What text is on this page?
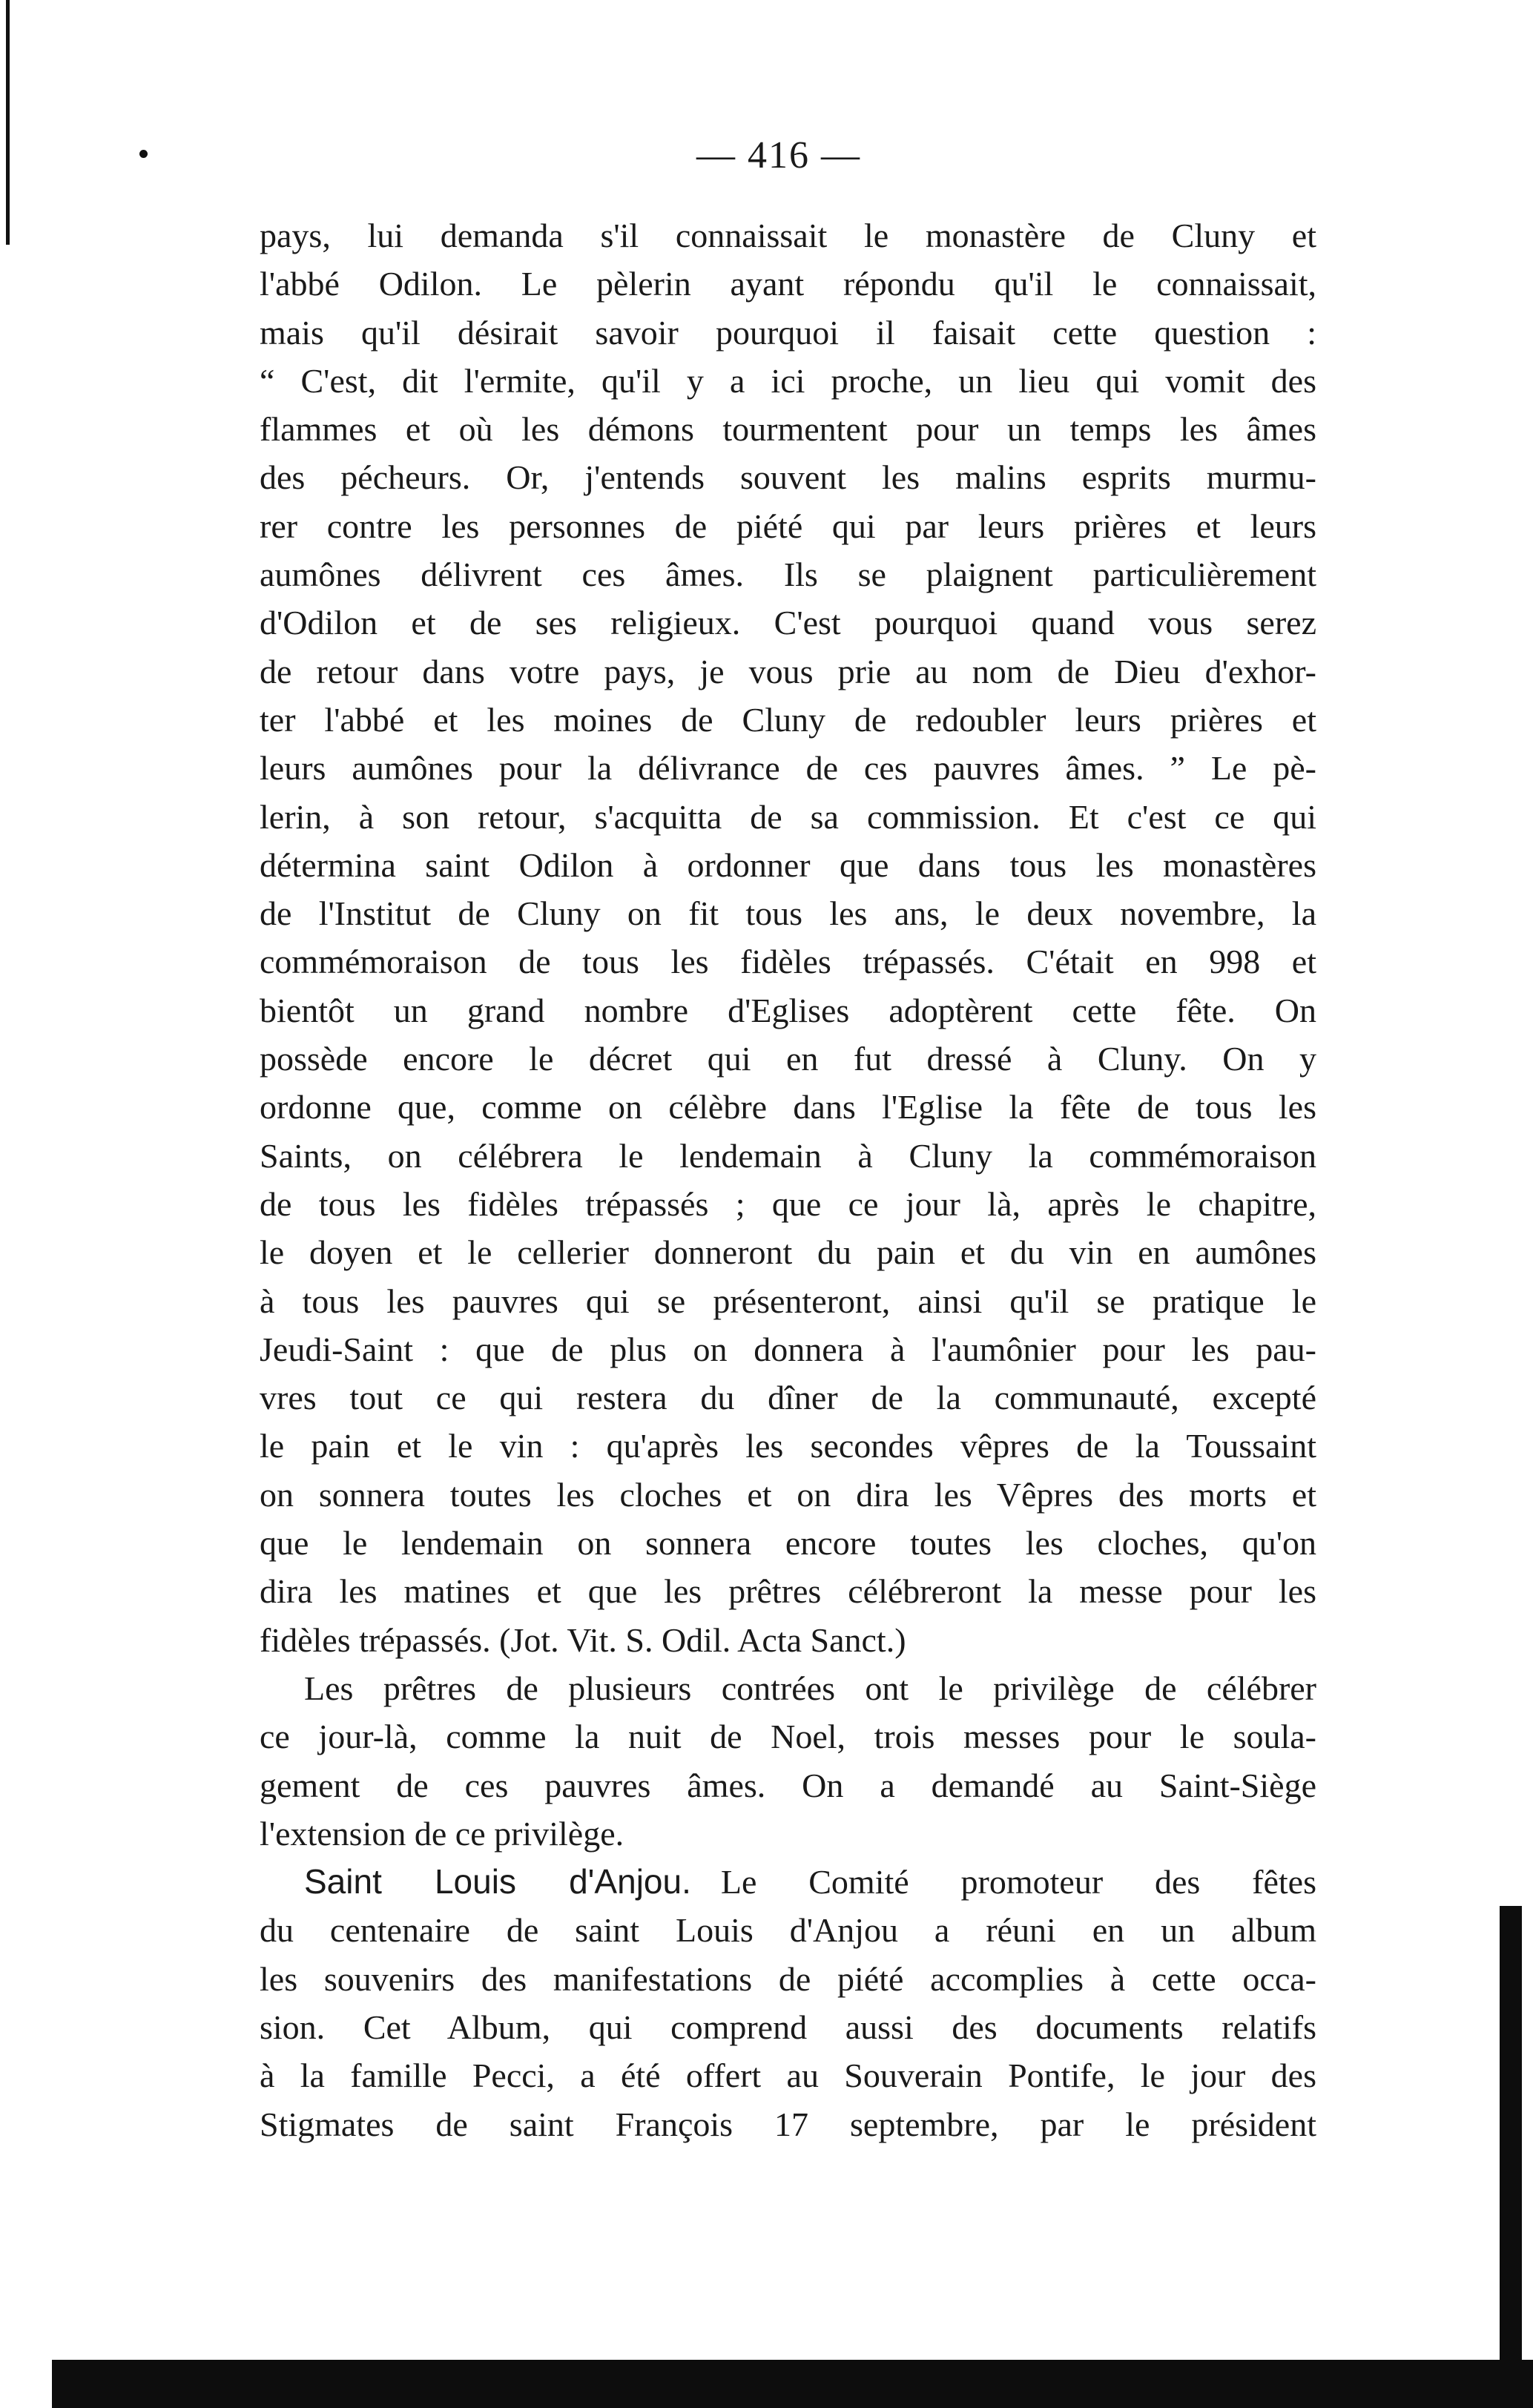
— 416 —
pays, lui demanda s'il connaissait le monastère de Cluny et
l'abbé Odilon. Le pèlerin ayant répondu qu'il le connaissait,
mais qu'il désirait savoir pourquoi il faisait cette question :
“ C'est, dit l'ermite, qu'il y a ici proche, un lieu qui vomit des
flammes et où les démons tourmentent pour un temps les âmes
des pécheurs. Or, j'entends souvent les malins esprits murmu-
rer contre les personnes de piété qui par leurs prières et leurs
aumônes délivrent ces âmes. Ils se plaignent particulièrement
d'Odilon et de ses religieux. C'est pourquoi quand vous serez
de retour dans votre pays, je vous prie au nom de Dieu d'exhor-
ter l'abbé et les moines de Cluny de redoubler leurs prières et
leurs aumônes pour la délivrance de ces pauvres âmes. ” Le pè-
lerin, à son retour, s'acquitta de sa commission. Et c'est ce qui
détermina saint Odilon à ordonner que dans tous les monastères
de l'Institut de Cluny on fit tous les ans, le deux novembre, la
commémoraison de tous les fidèles trépassés. C'était en 998 et
bientôt un grand nombre d'Eglises adoptèrent cette fête. On
possède encore le décret qui en fut dressé à Cluny. On y
ordonne que, comme on célèbre dans l'Eglise la fête de tous les
Saints, on célébrera le lendemain à Cluny la commémoraison
de tous les fidèles trépassés ; que ce jour là, après le chapitre,
le doyen et le cellerier donneront du pain et du vin en aumônes
à tous les pauvres qui se présenteront, ainsi qu'il se pratique le
Jeudi-Saint : que de plus on donnera à l'aumônier pour les pau-
vres tout ce qui restera du dîner de la communauté, excepté
le pain et le vin : qu'après les secondes vêpres de la Toussaint
on sonnera toutes les cloches et on dira les Vêpres des morts et
que le lendemain on sonnera encore toutes les cloches, qu'on
dira les matines et que les prêtres célébreront la messe pour les
fidèles trépassés. (Jot. Vit. S. Odil. Acta Sanct.)
Les prêtres de plusieurs contrées ont le privilège de célébrer
ce jour-là, comme la nuit de Noel, trois messes pour le soula-
gement de ces pauvres âmes. On a demandé au Saint-Siège
l'extension de ce privilège.
Saint Louis d'Anjou. Le Comité promoteur des fêtes
du centenaire de saint Louis d'Anjou a réuni en un album
les souvenirs des manifestations de piété accomplies à cette occa-
sion. Cet Album, qui comprend aussi des documents relatifs
à la famille Pecci, a été offert au Souverain Pontife, le jour des
Stigmates de saint François 17 septembre, par le président
